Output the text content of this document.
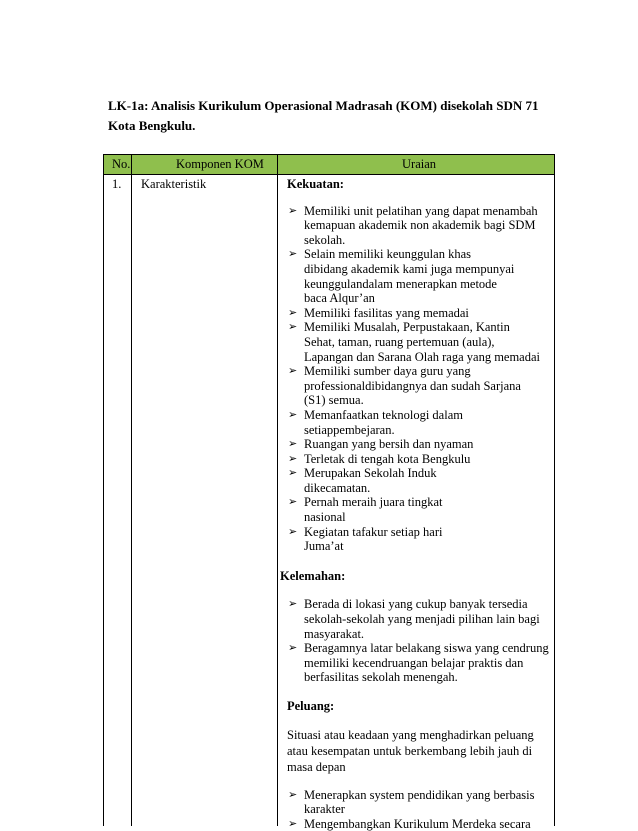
LK-1a: Analisis Kurikulum Operasional Madrasah (KOM) disekolah SDN 71
Kota Bengkulu.
No.	Komponen KOM	Uraian
1. Karakteristik	Kekuatan:

➢ Memiliki unit pelatihan yang dapat menambah
kemapuan akademik non akademik bagi SDM
sekolah.
➢ Selain memiliki keunggulan khas
dibidang akademik kami juga mempunyai
keunggulandalam menerapkan metode
baca Alqur’an
➢ Memiliki fasilitas yang memadai
➢ Memiliki Musalah, Perpustakaan, Kantin
Sehat, taman, ruang pertemuan (aula),
Lapangan dan Sarana Olah raga yang memadai
➢ Memiliki sumber daya guru yang
professionaldibidangnya dan sudah Sarjana
(S1) semua.
➢ Memanfaatkan teknologi dalam
setiappembejaran.
➢ Ruangan yang bersih dan nyaman
➢ Terletak di tengah kota Bengkulu
➢ Merupakan Sekolah Induk
dikecamatan.
➢ Pernah meraih juara tingkat
nasional
➢ Kegiatan tafakur setiap hari
Juma’at

Kelemahan:

➢ Berada di lokasi yang cukup banyak tersedia
sekolah-sekolah yang menjadi pilihan lain bagi
masyarakat.
➢ Beragamnya latar belakang siswa yang cendrung
memiliki kecendruangan belajar praktis dan
berfasilitas sekolah menengah.

Peluang:

Situasi atau keadaan yang menghadirkan peluang
atau kesempatan untuk berkembang lebih jauh di
masa depan
➢ Menerapkan system pendidikan yang berbasis
karakter
➢ Mengembangkan Kurikulum Merdeka secara
